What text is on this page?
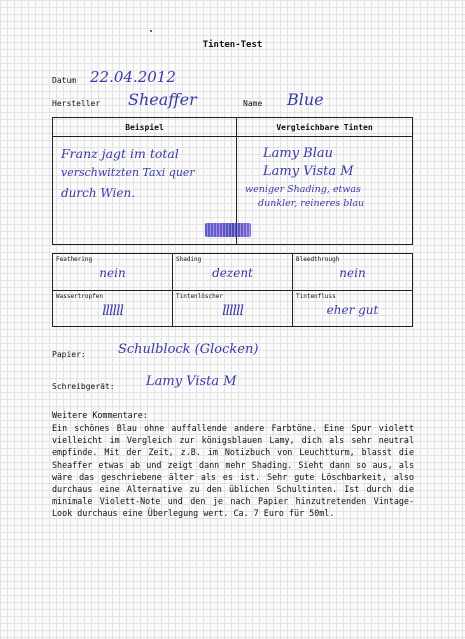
Tinten-Test
Datum 22.04.2012
Hersteller Sheaffer	Name Blue
Beispiel	Vergleichbare Tinten
Franz jagt im total
verschwitzten Taxi quer
durch Wien.
Lamy Blau
Lamy Vista M
weniger Shading, etwas
dunkler, reineres blau
Feathering
nein
Shading
dezent
Bleedthrough
nein
Wassertropfen
llllll
Tintenlöscher
llllll
Tintenfluss
eher gut
Papier: Schulblock (Glocken)
Schreibgerät: Lamy Vista M
Weitere Kommentare:
Ein schönes Blau ohne auffallende andere Farbtöne. Eine Spur violett vielleicht im Vergleich zur königsblauen Lamy, dich als sehr neutral empfinde. Mit der Zeit, z.B. im Notizbuch von Leuchtturm, blasst die Sheaffer etwas ab und zeigt dann mehr Shading. Sieht dann so aus, als wäre das geschriebene älter als es ist. Sehr gute Löschbarkeit, also durchaus eine Alternative zu den üblichen Schultinten. Ist durch die minimale Violett-Note und den je nach Papier hinzutretenden Vintage-Look durchaus eine Überlegung wert. Ca. 7 Euro für 50ml.
